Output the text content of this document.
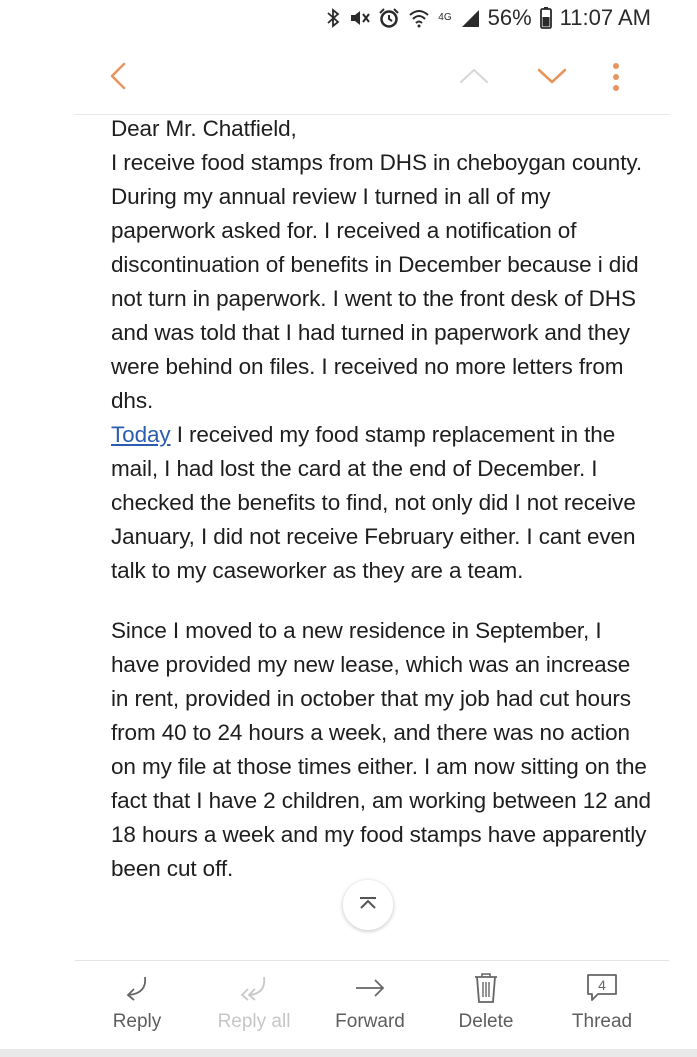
4G 56% 11:07 AM

Dear Mr. Chatfield,

I receive food stamps from DHS in cheboygan county. During my annual review I turned in all of my paperwork asked for. I received a notification of discontinuation of benefits in December because i did not turn in paperwork. I went to the front desk of DHS and was told that I had turned in paperwork and they were behind on files. I received no more letters from dhs.
Today I received my food stamp replacement in the mail, I had lost the card at the end of December. I checked the benefits to find, not only did I not receive January, I did not receive February either. I cant even talk to my caseworker as they are a team.

Since I moved to a new residence in September, I have provided my new lease, which was an increase in rent, provided in october that my job had cut hours from 40 to 24 hours a week, and there was no action on my file at those times either. I am now sitting on the fact that I have 2 children, am working between 12 and 18 hours a week and my food stamps have apparently been cut off.

Reply	Reply all	Forward	Delete
4
Thread
